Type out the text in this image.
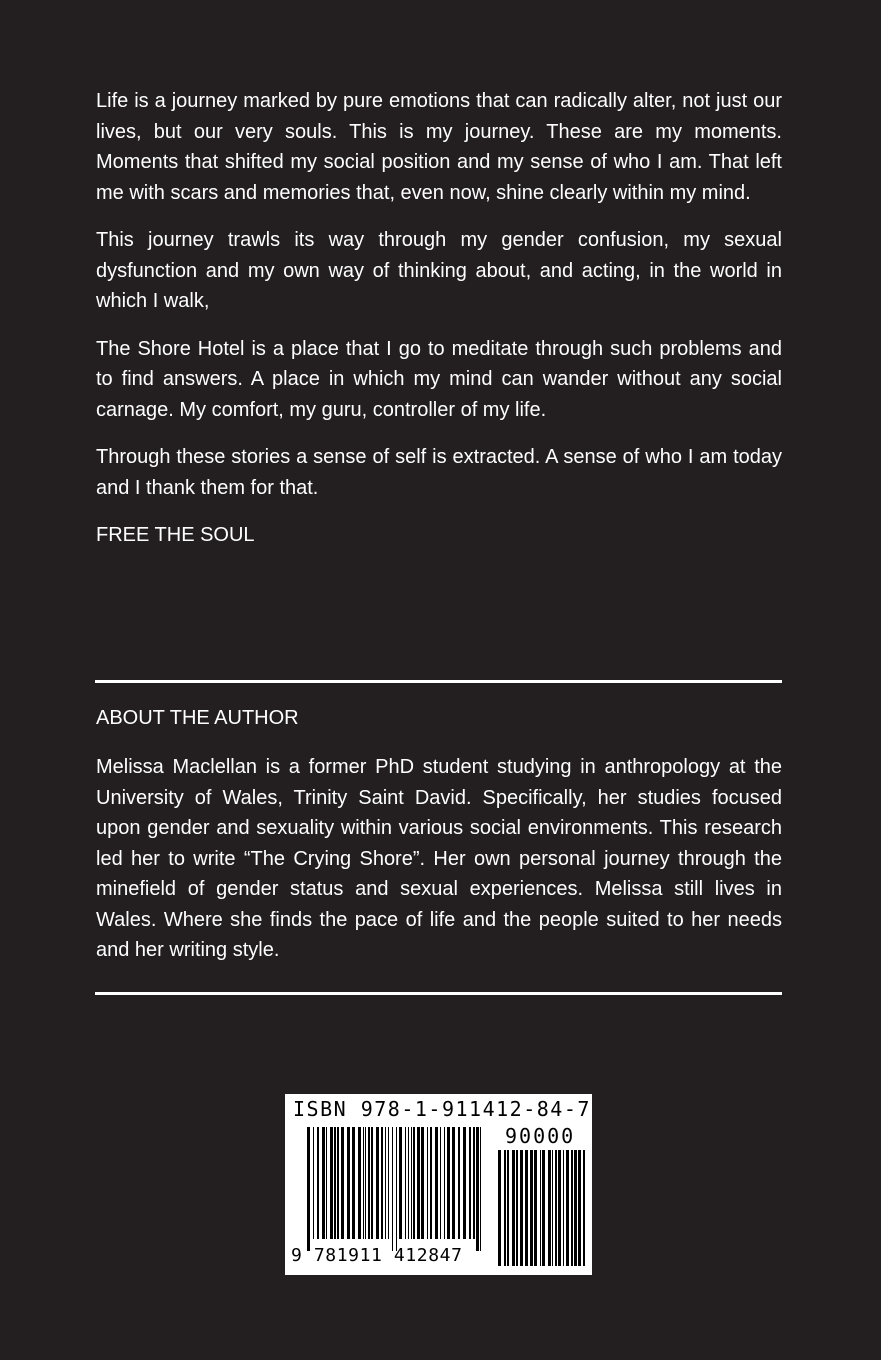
Life is a journey marked by pure emotions that can radically alter, not just our lives, but our very souls. This is my journey. These are my moments. Moments that shifted my social position and my sense of who I am. That left me with scars and memories that, even now, shine clearly within my mind.

This journey trawls its way through my gender confusion, my sexual dysfunction and my own way of thinking about, and acting, in the world in which I walk,

The Shore Hotel is a place that I go to meditate through such problems and to find answers. A place in which my mind can wander without any social carnage. My comfort, my guru, controller of my life.

Through these stories a sense of self is extracted. A sense of who I am today and I thank them for that.

FREE THE SOUL

ABOUT THE AUTHOR

Melissa Maclellan is a former PhD student studying in anthropology at the University of Wales, Trinity Saint David. Specifically, her studies focused upon gender and sexuality within various social environments. This research led her to write “The Crying Shore”. Her own personal journey through the minefield of gender status and sexual experiences. Melissa still lives in Wales. Where she finds the pace of life and the people suited to her needs and her writing style.

ISBN 978-1-911412-84-7
90000
9 781911 412847
